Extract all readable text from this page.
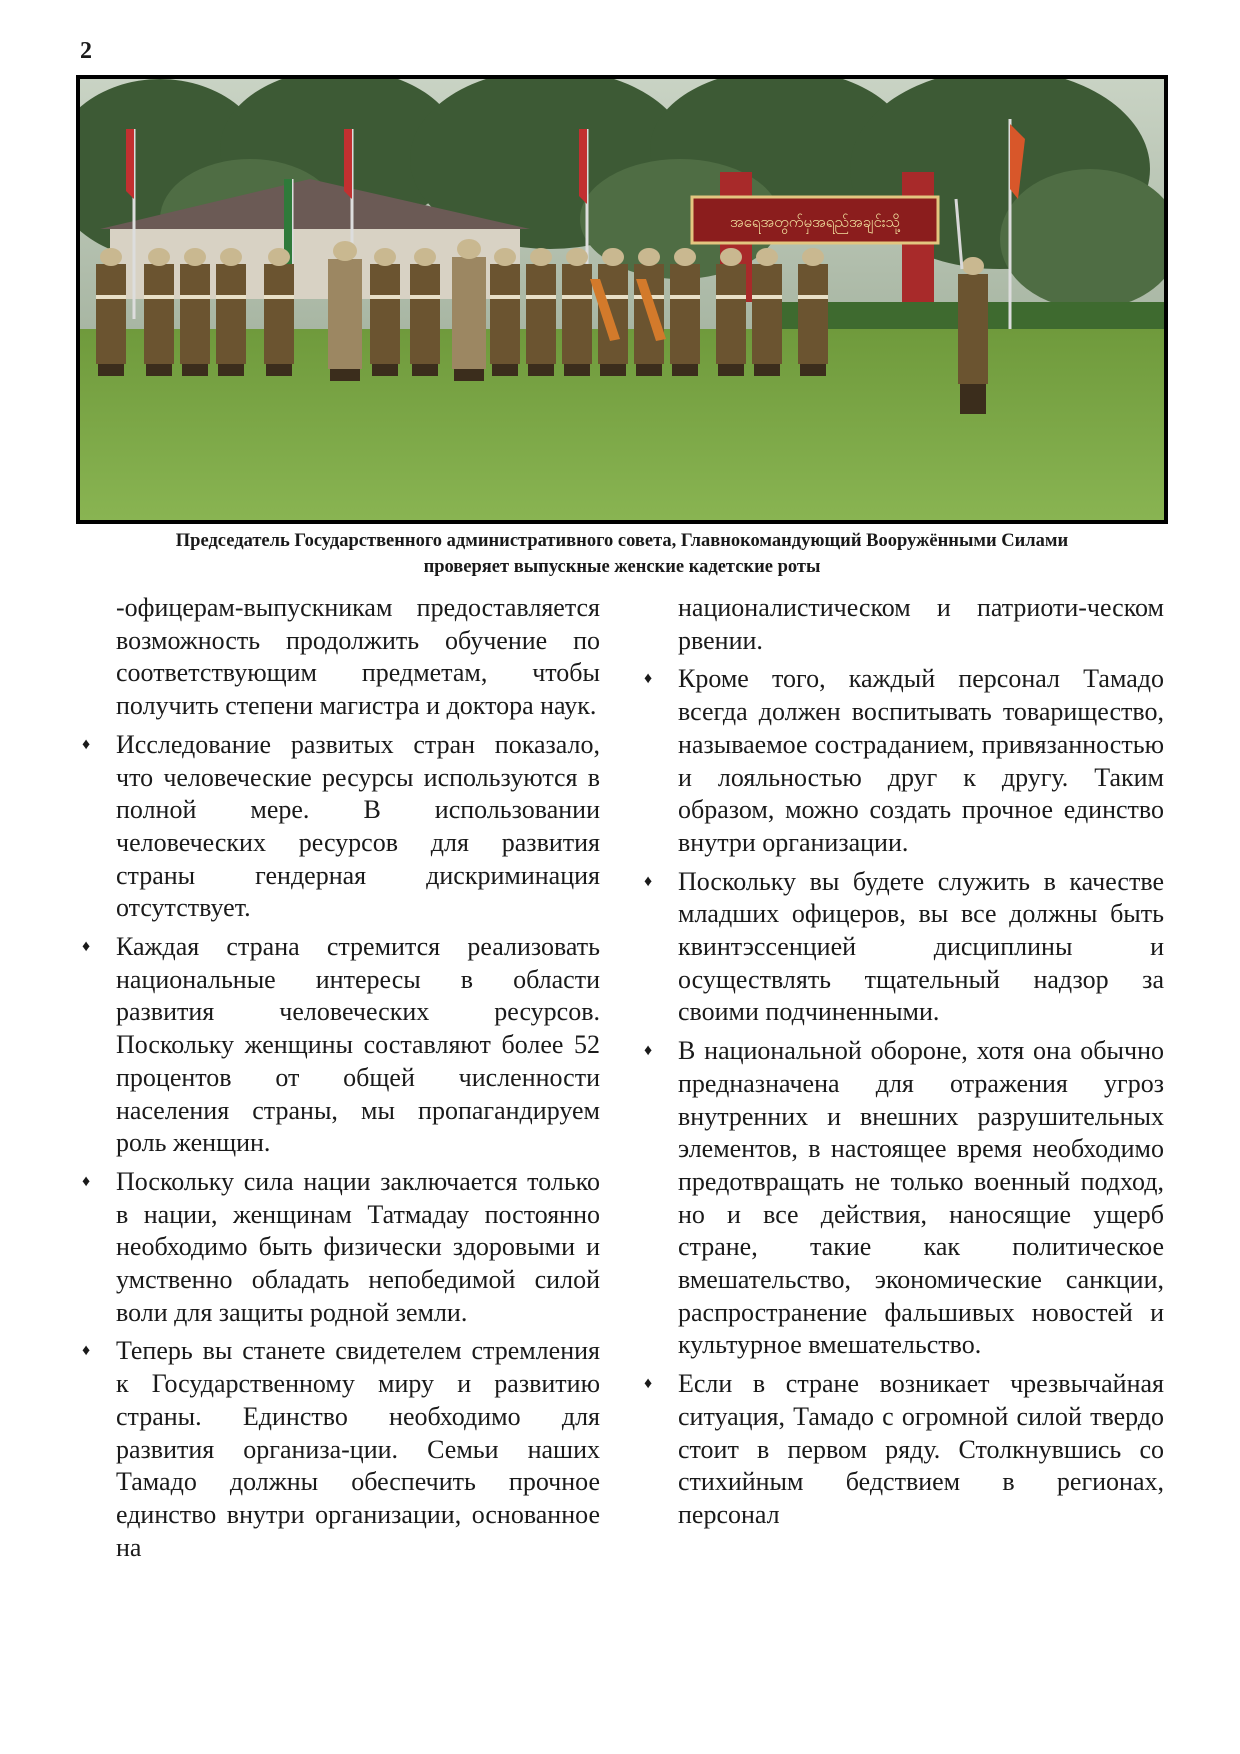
2
အရေအတွက်မှအရည်အချင်းသို့
Председатель Государственного административного совета, Главнокомандующий Вооружёнными Силами
проверяет выпускные женские кадетские роты

-офицерам-выпускникам предоставляется возможность продолжить обучение по соответствующим предметам, чтобы получить степени магистра и доктора наук.

♦ Исследование развитых стран показало, что человеческие ресурсы используются в полной мере. В использовании человеческих ресурсов для развития страны гендерная дискриминация отсутствует.

♦ Каждая страна стремится реализовать национальные интересы в области развития человеческих ресурсов. Поскольку женщины составляют более 52 процентов от общей численности населения страны, мы пропагандируем роль женщин.

♦ Поскольку сила нации заключается только в нации, женщинам Татмадау постоянно необходимо быть физически здоровыми и умственно обладать непобедимой силой воли для защиты родной земли.

♦ Теперь вы станете свидетелем стремления к Государственному миру и развитию страны. Единство необходимо для развития организа-ции. Семьи наших Тамадо должны обеспечить прочное единство внутри организации, основанное на

националистическом и патриоти-ческом рвении.

♦ Кроме того, каждый персонал Тамадо всегда должен воспитывать товарищество, называемое состраданием, привязанностью и лояльностью друг к другу. Таким образом, можно создать прочное единство внутри организации.

♦ Поскольку вы будете служить в качестве младших офицеров, вы все должны быть квинтэссенцией дисциплины и осуществлять тщательный надзор за своими подчиненными.

♦ В национальной обороне, хотя она обычно предназначена для отражения угроз внутренних и внешних разрушительных элементов, в настоящее время необходимо предотвращать не только военный подход, но и все действия, наносящие ущерб стране, такие как политическое вмешательство, экономические санкции, распространение фальшивых новостей и культурное вмешательство.

♦ Если в стране возникает чрезвычайная ситуация, Тамадо с огромной силой твердо стоит в первом ряду. Столкнувшись со стихийным бедствием в регионах, персонал
